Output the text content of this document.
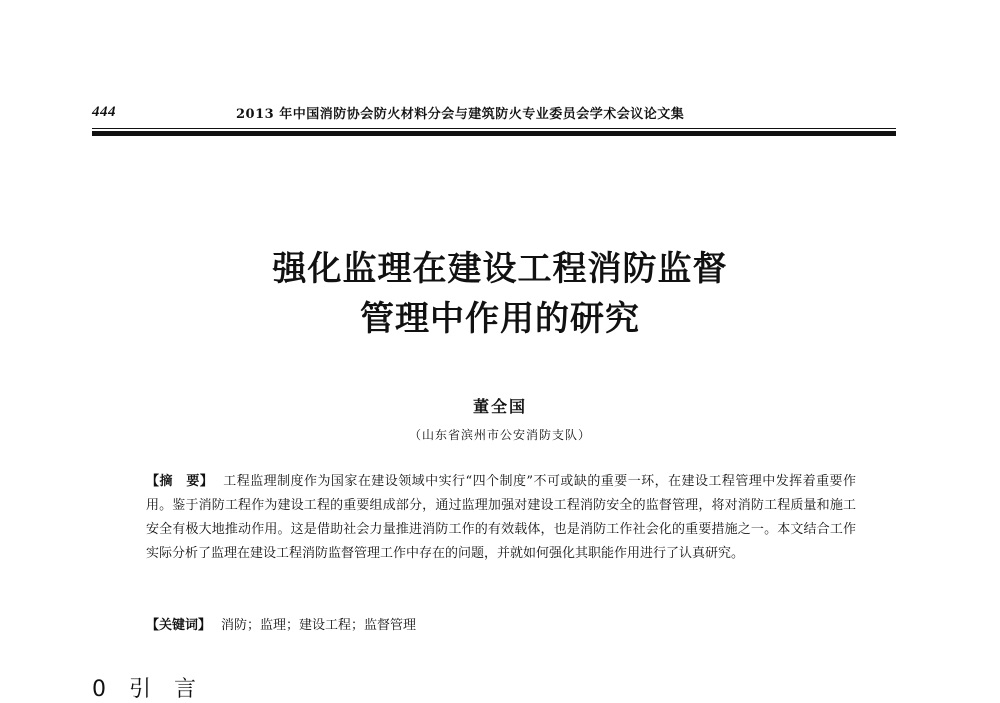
444	2013 年中国消防协会防火材料分会与建筑防火专业委员会学术会议论文集
强化监理在建设工程消防监督
管理中作用的研究
董全国
（山东省滨州市公安消防支队）
【摘　要】 工程监理制度作为国家在建设领域中实行“四个制度”不可或缺的重要一环，在建设工程管理中发挥着重要作用。鉴于消防工程作为建设工程的重要组成部分，通过监理加强对建设工程消防安全的监督管理，将对消防工程质量和施工安全有极大地推动作用。这是借助社会力量推进消防工作的有效载体，也是消防工作社会化的重要措施之一。本文结合工作实际分析了监理在建设工程消防监督管理工作中存在的问题，并就如何强化其职能作用进行了认真研究。
【关键词】 消防；监理；建设工程；监督管理
0 引 言
